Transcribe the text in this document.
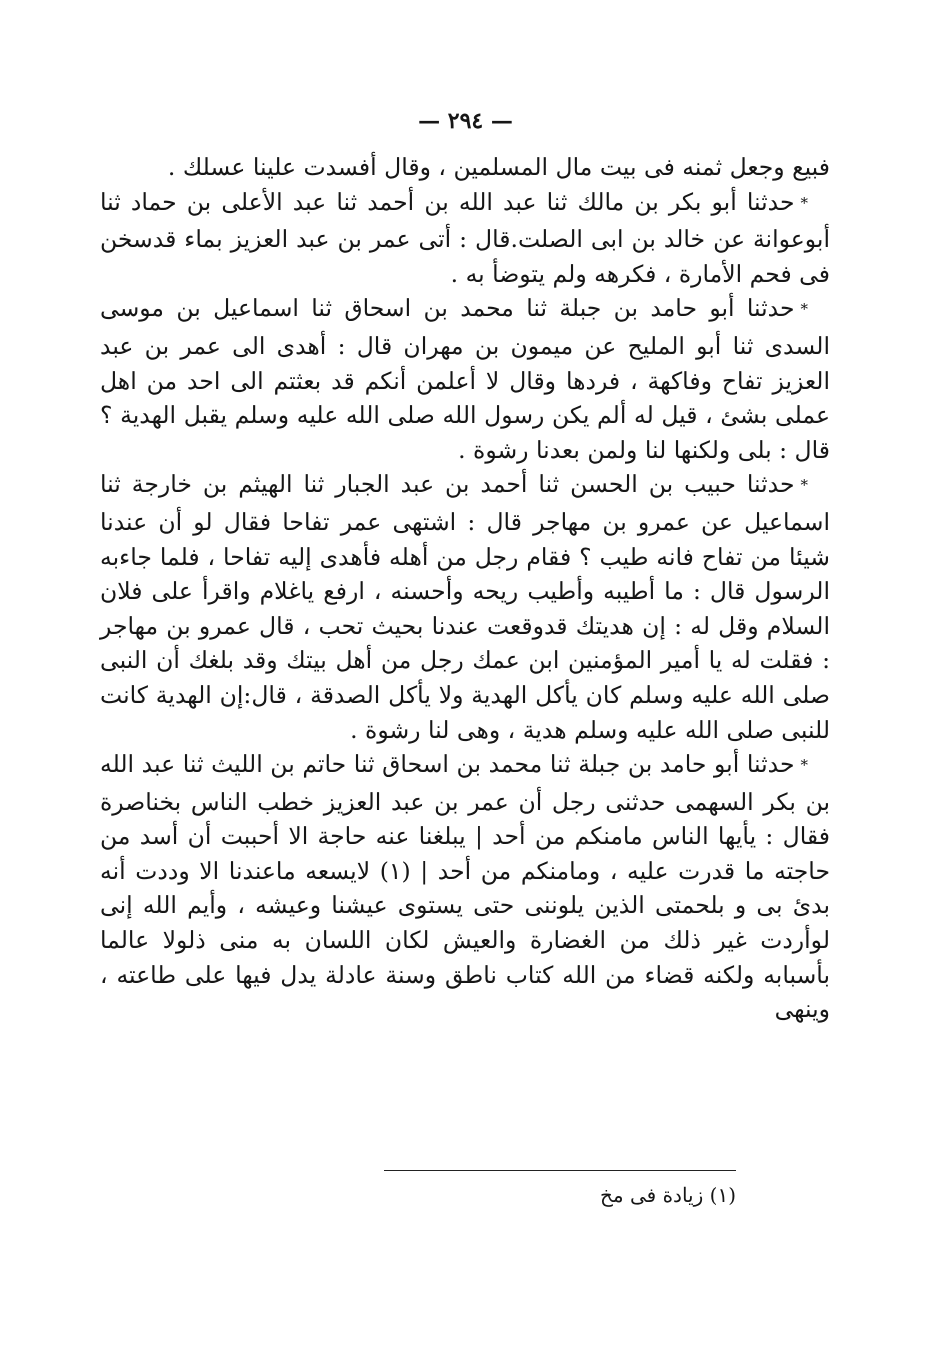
— ٢٩٤ —

فبيع وجعل ثمنه فى بيت مال المسلمين ، وقال أفسدت علينا عسلك .

*حدثنا أبو بكر بن مالك ثنا عبد الله بن أحمد ثنا عبد الأعلى بن حماد ثنا أبوعوانة عن خالد بن ابى الصلت.قال : أتى عمر بن عبد العزيز بماء قدسخن فى فحم الأمارة ، فكرهه ولم يتوضأ به .

*حدثنا أبو حامد بن جبلة ثنا محمد بن اسحاق ثنا اسماعيل بن موسى السدى ثنا أبو المليح عن ميمون بن مهران قال : أهدى الى عمر بن عبد العزيز تفاح وفاكهة ، فردها وقال لا أعلمن أنكم قد بعثتم الى احد من اهل عملى بشئ ، قيل له ألم يكن رسول الله صلى الله عليه وسلم يقبل الهدية ؟ قال : بلى ولكنها لنا ولمن بعدنا رشوة .

*حدثنا حبيب بن الحسن ثنا أحمد بن عبد الجبار ثنا الهيثم بن خارجة ثنا اسماعيل عن عمرو بن مهاجر قال : اشتهى عمر تفاحا فقال لو أن عندنا شيئا من تفاح فانه طيب ؟ فقام رجل من أهله فأهدى إليه تفاحا ، فلما جاءبه الرسول قال : ما أطيبه وأطيب ريحه وأحسنه ، ارفع ياغلام واقرأ على فلان السلام وقل له : إن هديتك قدوقعت عندنا بحيث تحب ، قال عمرو بن مهاجر : فقلت له يا أمير المؤمنين ابن عمك رجل من أهل بيتك وقد بلغك أن النبى صلى الله عليه وسلم كان يأكل الهدية ولا يأكل الصدقة ، قال:إن الهدية كانت للنبى صلى الله عليه وسلم هدية ، وهى لنا رشوة .

*حدثنا أبو حامد بن جبلة ثنا محمد بن اسحاق ثنا حاتم بن الليث ثنا عبد الله بن بكر السهمى حدثنى رجل أن عمر بن عبد العزيز خطب الناس بخناصرة فقال : يأيها الناس مامنكم من أحد | يبلغنا عنه حاجة الا أحببت أن أسد من حاجته ما قدرت عليه ، ومامنكم من أحد | (١) لايسعه ماعندنا الا وددت أنه بدئ بى و بلحمتى الذين يلوننى حتى يستوى عيشنا وعيشه ، وأيم الله إنى لوأردت غير ذلك من الغضارة والعيش لكان اللسان به منى ذلولا عالما بأسبابه ولكنه قضاء من الله كتاب ناطق وسنة عادلة يدل فيها على طاعته ، وينهى

(١) زيادة فى مخ
